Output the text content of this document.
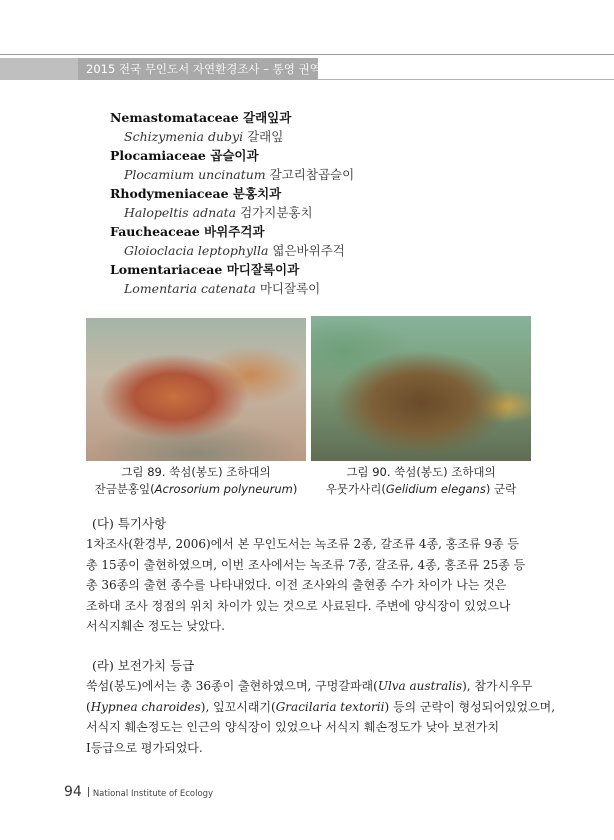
2015 전국 무인도서 자연환경조사 – 통영 권역
Nemastomataceae 갈래잎과
Schizymenia dubyi 갈래잎
Plocamiaceae 곱슬이과
Plocamium uncinatum 갈고리참곱슬이
Rhodymeniaceae 분홍치과
Halopeltis adnata 검가지분홍치
Faucheaceae 바위주걱과
Gloioclacia leptophylla 엷은바위주걱
Lomentariaceae 마디잘록이과
Lomentaria catenata 마디잘록이
그림 89. 쑥섬(봉도) 조하대의
잔금분홍잎(Acrosorium polyneurum)
그림 90. 쑥섬(봉도) 조하대의
우뭇가사리(Gelidium elegans) 군락
(다) 특기사항
1차조사(환경부, 2006)에서 본 무인도서는 녹조류 2종, 갈조류 4종, 홍조류 9종 등
총 15종이 출현하였으며, 이번 조사에서는 녹조류 7종, 갈조류, 4종, 홍조류 25종 등
총 36종의 출현 종수를 나타내었다. 이전 조사와의 출현종 수가 차이가 나는 것은
조하대 조사 정점의 위치 차이가 있는 것으로 사료된다. 주변에 양식장이 있었으나
서식지훼손 정도는 낮았다.
(라) 보전가치 등급
쑥섬(봉도)에서는 총 36종이 출현하였으며, 구멍갈파래(Ulva australis), 참가시우무
(Hypnea charoides), 잎꼬시래기(Gracilaria textorii) 등의 군락이 형성되어있었으며,
서식지 훼손정도는 인근의 양식장이 있었으나 서식지 훼손정도가 낮아 보전가치
Ⅰ등급으로 평가되었다.
94 National Institute of Ecology
